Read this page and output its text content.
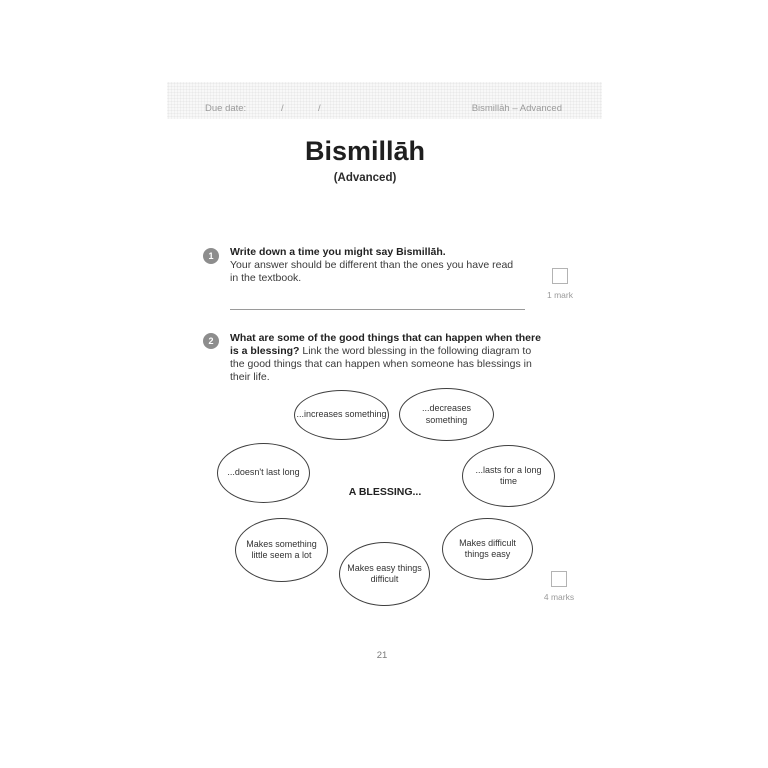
Due date:	/	/	Bismillāh – Advanced
Bismillāh
(Advanced)
1 Write down a time you might say Bismillāh.
Your answer should be different than the ones you have read in the textbook.
1 mark
2 What are some of the good things that can happen when there is a blessing? Link the word blessing in the following diagram to the good things that can happen when someone has blessings in their life.
...increases something
...decreases something
...doesn't last long	...lasts for a long time
Makes something little seem a lot
Makes easy things difficult
Makes difficult things easy
A BLESSING...
4 marks
21
